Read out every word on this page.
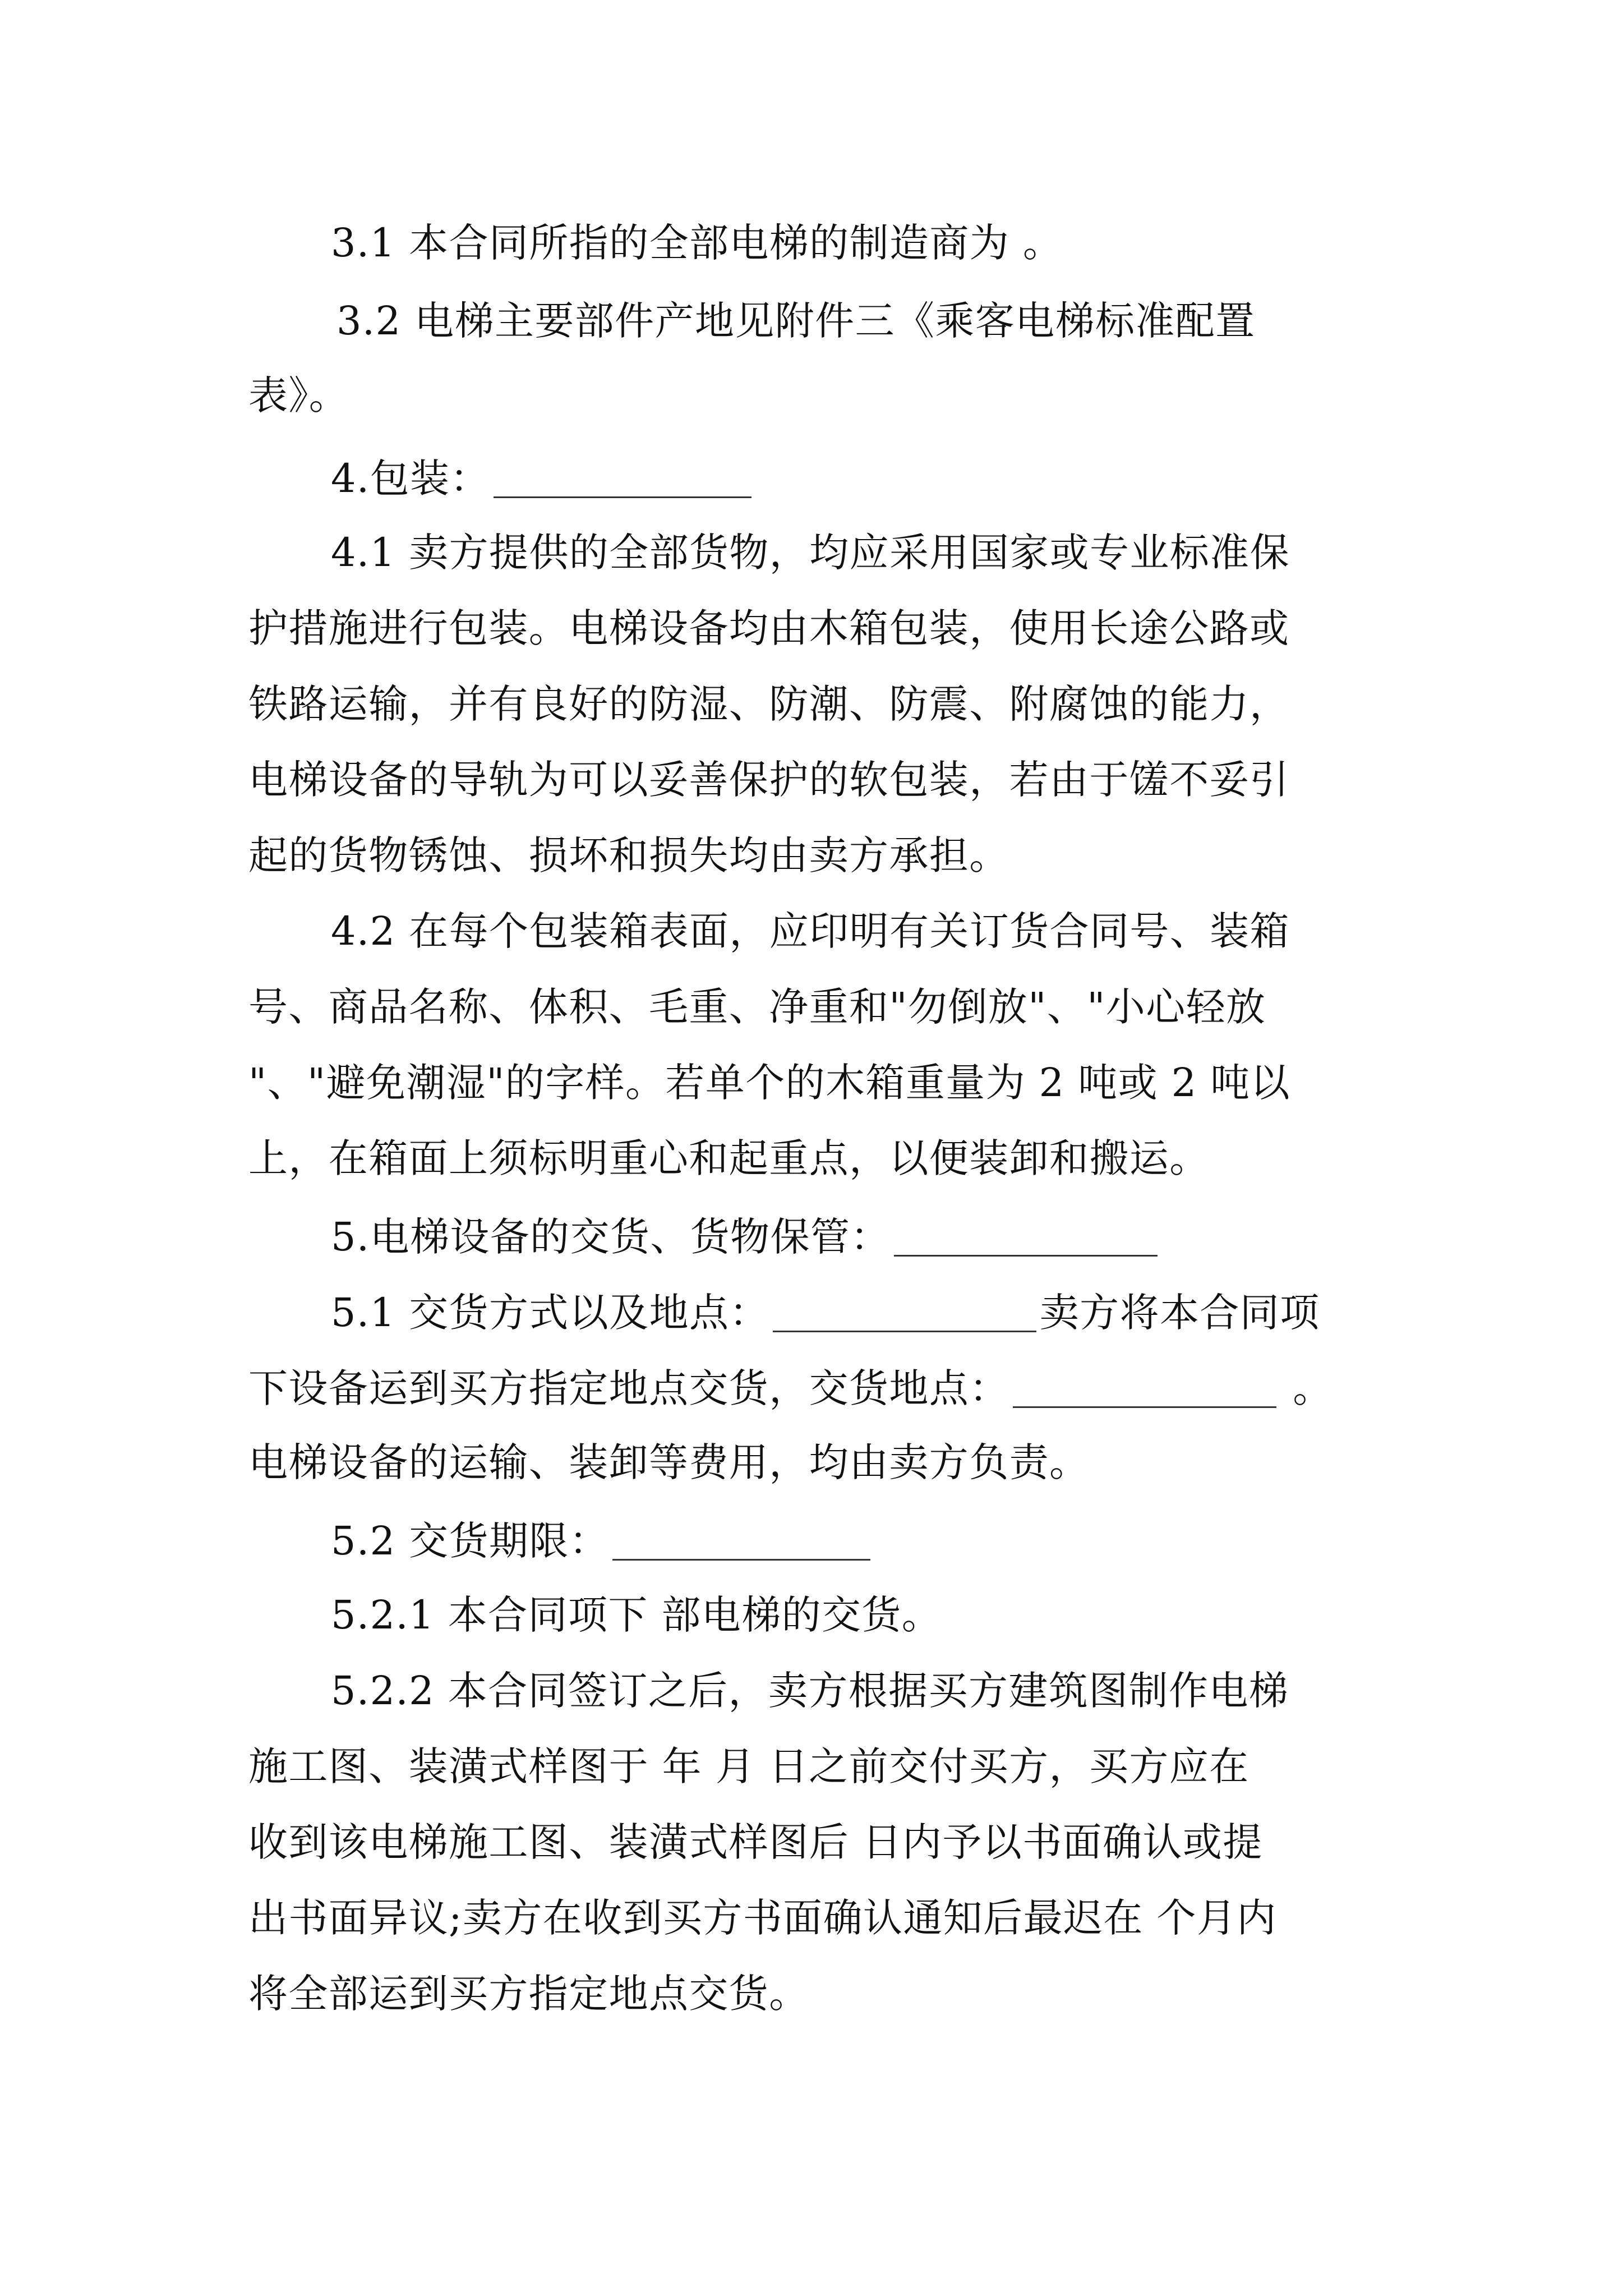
3.1 本合同所指的全部电梯的制造商为 。
3.2 电梯主要部件产地见附件三《乘客电梯标准配置
表》。
4.包装：
4.1 卖方提供的全部货物，均应采用国家或专业标准保
护措施进行包装。电梯设备均由木箱包装，使用长途公路或
铁路运输，并有良好的防湿、防潮、防震、附腐蚀的能力，
电梯设备的导轨为可以妥善保护的软包装，若由于馐不妥引
起的货物锈蚀、损坏和损失均由卖方承担。
4.2 在每个包装箱表面，应印明有关订货合同号、装箱
号、商品名称、体积、毛重、净重和"勿倒放"、"小心轻放
"、"避免潮湿"的字样。若单个的木箱重量为 2 吨或 2 吨以
上，在箱面上须标明重心和起重点，以便装卸和搬运。
5.电梯设备的交货、货物保管：
5.1 交货方式以及地点：	卖方将本合同项
下设备运到买方指定地点交货，交货地点：	。
电梯设备的运输、装卸等费用，均由卖方负责。
5.2 交货期限：
5.2.1 本合同项下 部电梯的交货。
5.2.2 本合同签订之后，卖方根据买方建筑图制作电梯
施工图、装潢式样图于 年 月 日之前交付买方，买方应在
收到该电梯施工图、装潢式样图后 日内予以书面确认或提
出书面异议;卖方在收到买方书面确认通知后最迟在 个月内
将全部运到买方指定地点交货。
